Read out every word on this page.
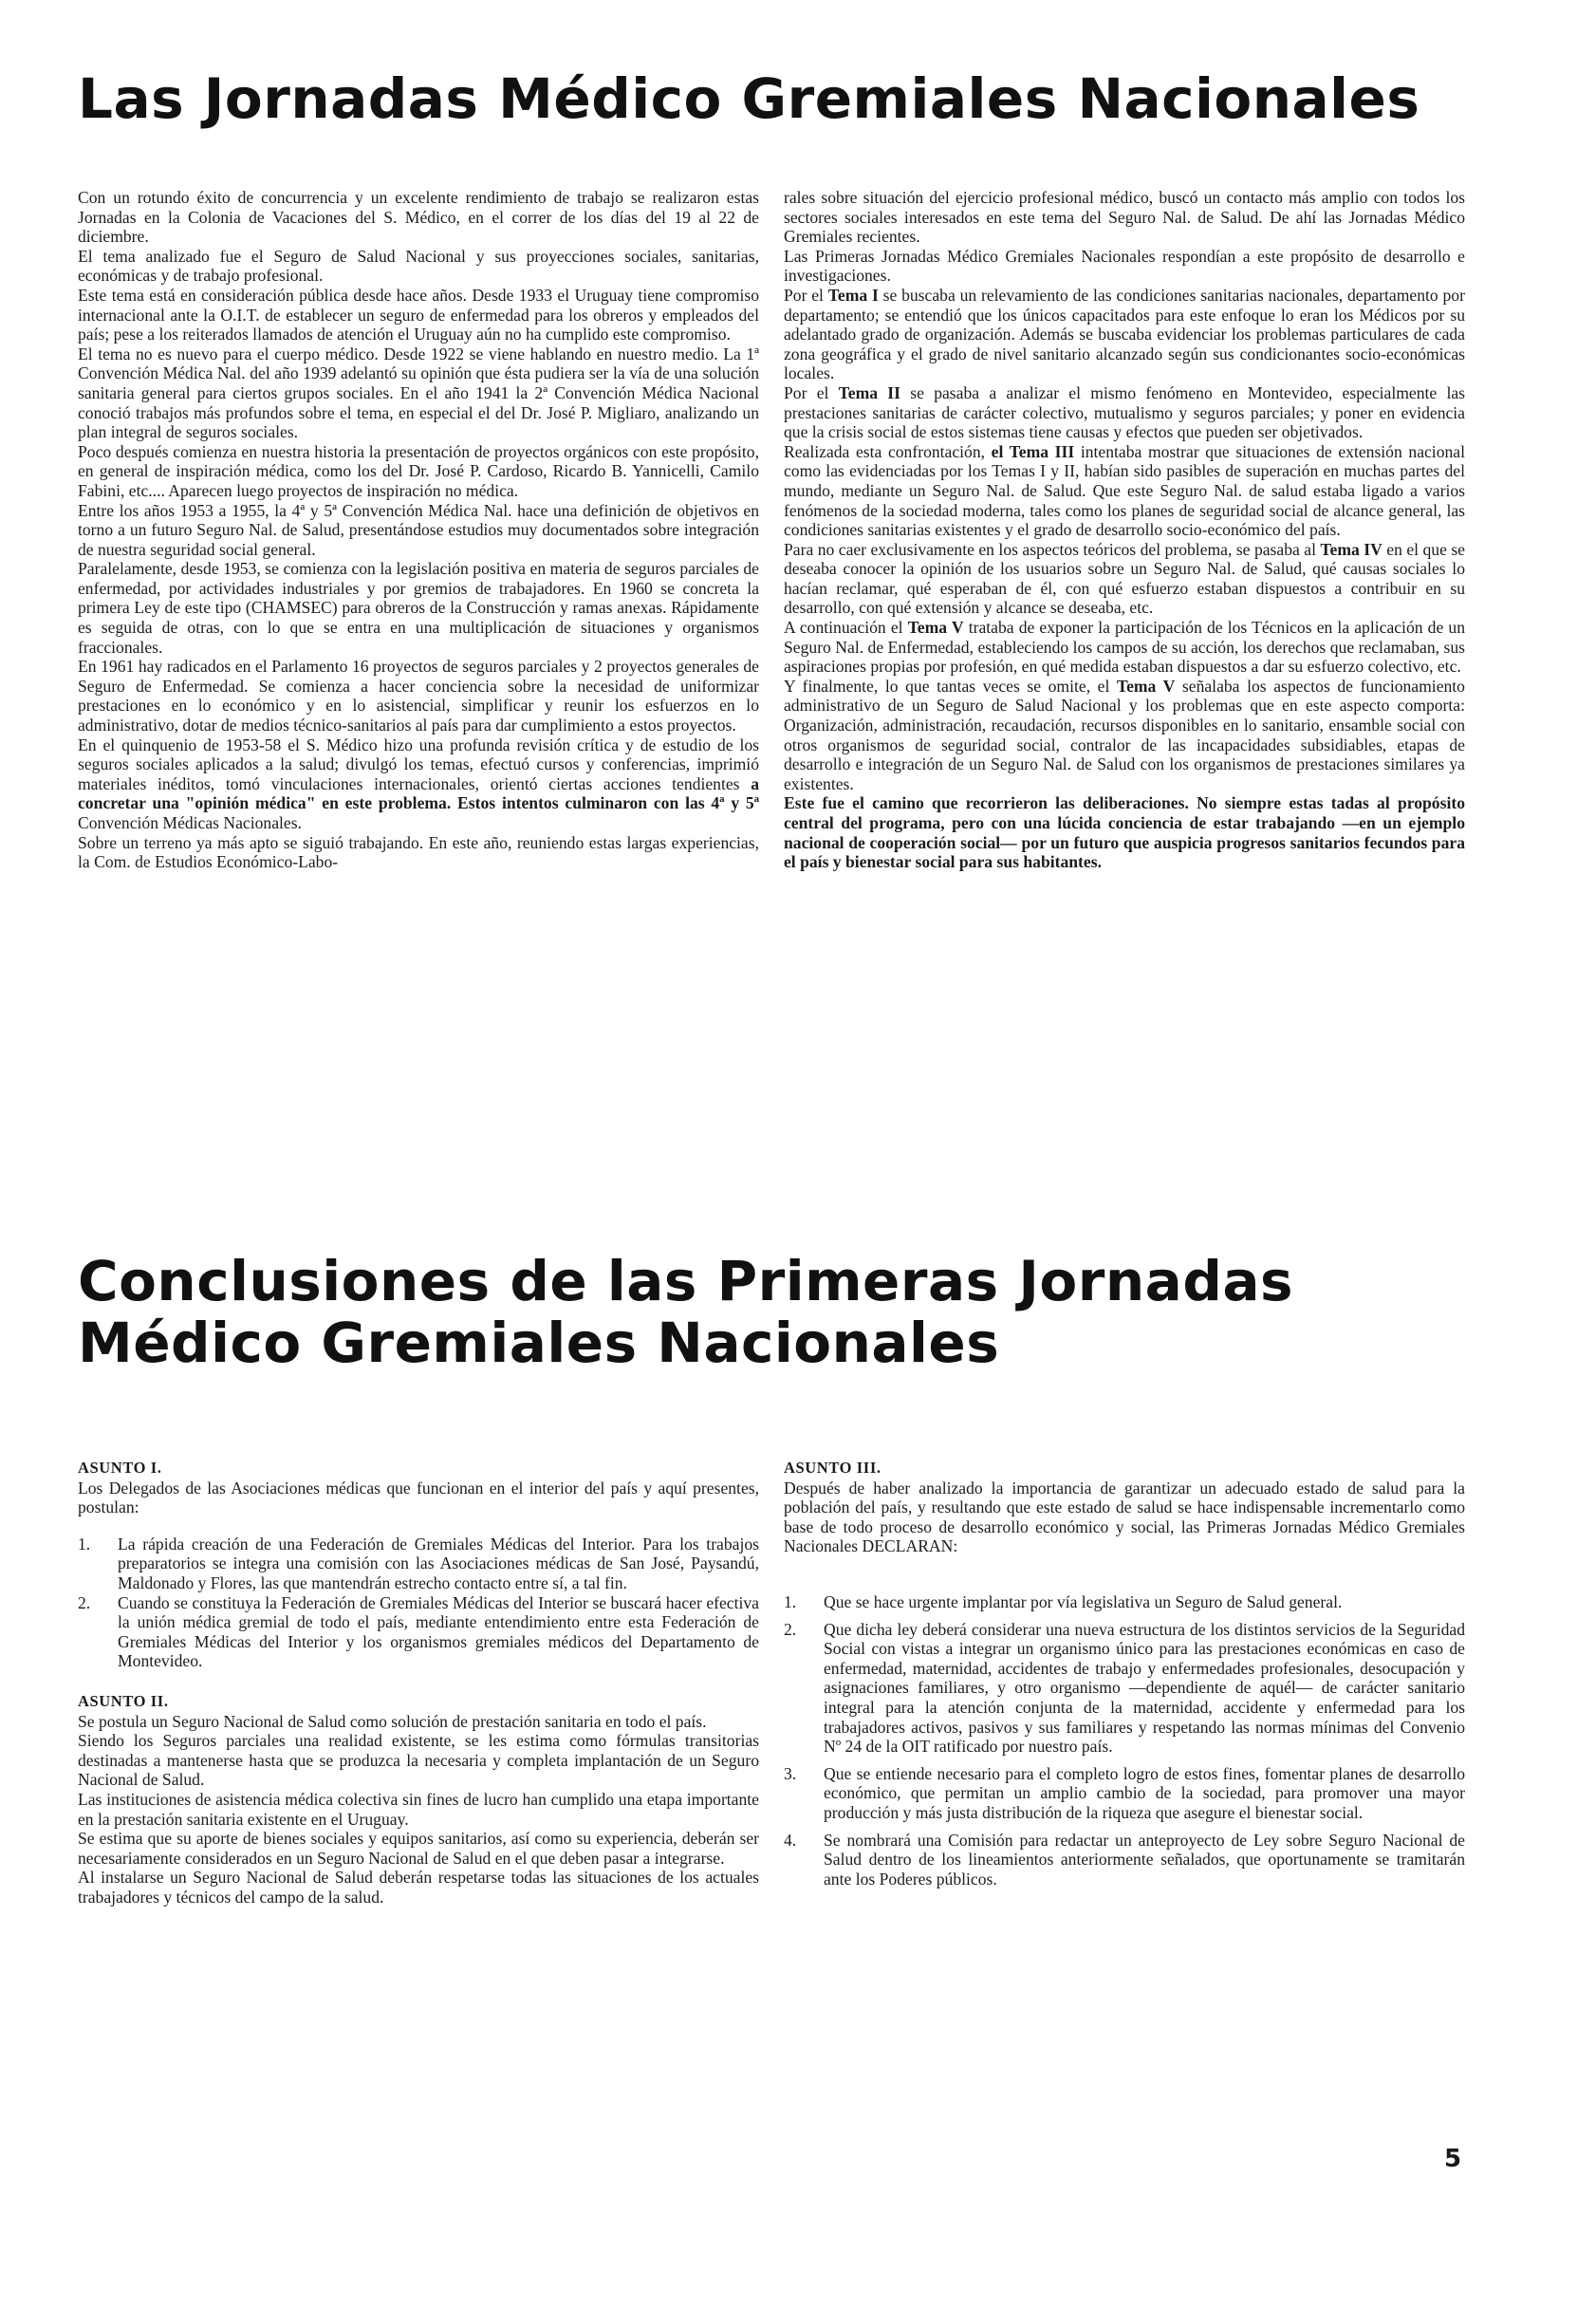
Las Jornadas Médico Gremiales Nacionales

Con un rotundo éxito de concurrencia y un excelente rendimiento de trabajo se realizaron estas Jornadas en la Colonia de Vacaciones del S. Médico, en el correr de los días del 19 al 22 de diciembre.

El tema analizado fue el Seguro de Salud Nacional y sus proyecciones sociales, sanitarias, económicas y de trabajo profesional.

Este tema está en consideración pública desde hace años. Desde 1933 el Uruguay tiene compromiso internacional ante la O.I.T. de establecer un seguro de enfermedad para los obreros y empleados del país; pese a los reiterados llamados de atención el Uruguay aún no ha cumplido este compromiso.

El tema no es nuevo para el cuerpo médico. Desde 1922 se viene hablando en nuestro medio. La 1ª Convención Médica Nal. del año 1939 adelantó su opinión que ésta pudiera ser la vía de una solución sanitaria general para ciertos grupos sociales. En el año 1941 la 2ª Convención Médica Nacional conoció trabajos más profundos sobre el tema, en especial el del Dr. José P. Migliaro, analizando un plan integral de seguros sociales.

Poco después comienza en nuestra historia la presentación de proyectos orgánicos con este propósito, en general de inspiración médica, como los del Dr. José P. Cardoso, Ricardo B. Yannicelli, Camilo Fabini, etc.... Aparecen luego proyectos de inspiración no médica.

Entre los años 1953 a 1955, la 4ª y 5ª Convención Médica Nal. hace una definición de objetivos en torno a un futuro Seguro Nal. de Salud, presentándose estudios muy documentados sobre integración de nuestra seguridad social general.

Paralelamente, desde 1953, se comienza con la legislación positiva en materia de seguros parciales de enfermedad, por actividades industriales y por gremios de trabajadores. En 1960 se concreta la primera Ley de este tipo (CHAMSEC) para obreros de la Construcción y ramas anexas. Rápidamente es seguida de otras, con lo que se entra en una multiplicación de situaciones y organismos fraccionales.

En 1961 hay radicados en el Parlamento 16 proyectos de seguros parciales y 2 proyectos generales de Seguro de Enfermedad. Se comienza a hacer conciencia sobre la necesidad de uniformizar prestaciones en lo económico y en lo asistencial, simplificar y reunir los esfuerzos en lo administrativo, dotar de medios técnico-sanitarios al país para dar cumplimiento a estos proyectos.

En el quinquenio de 1953-58 el S. Médico hizo una profunda revisión crítica y de estudio de los seguros sociales aplicados a la salud; divulgó los temas, efectuó cursos y conferencias, imprimió materiales inéditos, tomó vinculaciones internacionales, orientó ciertas acciones tendientes a concretar una "opinión médica" en este problema. Estos intentos culminaron con las 4ª y 5ª Convención Médicas Nacionales.

Sobre un terreno ya más apto se siguió trabajando. En este año, reuniendo estas largas experiencias, la Com. de Estudios Económico-Labo-

rales sobre situación del ejercicio profesional médico, buscó un contacto más amplio con todos los sectores sociales interesados en este tema del Seguro Nal. de Salud. De ahí las Jornadas Médico Gremiales recientes.

Las Primeras Jornadas Médico Gremiales Nacionales respondían a este propósito de desarrollo e investigaciones.

Por el Tema I se buscaba un relevamiento de las condiciones sanitarias nacionales, departamento por departamento; se entendió que los únicos capacitados para este enfoque lo eran los Médicos por su adelantado grado de organización. Además se buscaba evidenciar los problemas particulares de cada zona geográfica y el grado de nivel sanitario alcanzado según sus condicionantes socio-económicas locales.

Por el Tema II se pasaba a analizar el mismo fenómeno en Montevideo, especialmente las prestaciones sanitarias de carácter colectivo, mutualismo y seguros parciales; y poner en evidencia que la crisis social de estos sistemas tiene causas y efectos que pueden ser objetivados.

Realizada esta confrontación, el Tema III intentaba mostrar que situaciones de extensión nacional como las evidenciadas por los Temas I y II, habían sido pasibles de superación en muchas partes del mundo, mediante un Seguro Nal. de Salud. Que este Seguro Nal. de salud estaba ligado a varios fenómenos de la sociedad moderna, tales como los planes de seguridad social de alcance general, las condiciones sanitarias existentes y el grado de desarrollo socio-económico del país.

Para no caer exclusivamente en los aspectos teóricos del problema, se pasaba al Tema IV en el que se deseaba conocer la opinión de los usuarios sobre un Seguro Nal. de Salud, qué causas sociales lo hacían reclamar, qué esperaban de él, con qué esfuerzo estaban dispuestos a contribuir en su desarrollo, con qué extensión y alcance se deseaba, etc.

A continuación el Tema V trataba de exponer la participación de los Técnicos en la aplicación de un Seguro Nal. de Enfermedad, estableciendo los campos de su acción, los derechos que reclamaban, sus aspiraciones propias por profesión, en qué medida estaban dispuestos a dar su esfuerzo colectivo, etc.

Y finalmente, lo que tantas veces se omite, el Tema V señalaba los aspectos de funcionamiento administrativo de un Seguro de Salud Nacional y los problemas que en este aspecto comporta: Organización, administración, recaudación, recursos disponibles en lo sanitario, ensamble social con otros organismos de seguridad social, contralor de las incapacidades subsidiables, etapas de desarrollo e integración de un Seguro Nal. de Salud con los organismos de prestaciones similares ya existentes.

Este fue el camino que recorrieron las deliberaciones. No siempre estas tadas al propósito central del programa, pero con una lúcida conciencia de estar trabajando —en un ejemplo nacional de cooperación social— por un futuro que auspicia progresos sanitarios fecundos para el país y bienestar social para sus habitantes.

Conclusiones de las Primeras Jornadas
Médico Gremiales Nacionales

ASUNTO I.

Los Delegados de las Asociaciones médicas que funcionan en el interior del país y aquí presentes, postulan:

1. La rápida creación de una Federación de Gremiales Médicas del Interior. Para los trabajos preparatorios se integra una comisión con las Asociaciones médicas de San José, Paysandú, Maldonado y Flores, las que mantendrán estrecho contacto entre sí, a tal fin.

2. Cuando se constituya la Federación de Gremiales Médicas del Interior se buscará hacer efectiva la unión médica gremial de todo el país, mediante entendimiento entre esta Federación de Gremiales Médicas del Interior y los organismos gremiales médicos del Departamento de Montevideo.

ASUNTO II.

Se postula un Seguro Nacional de Salud como solución de prestación sanitaria en todo el país.

Siendo los Seguros parciales una realidad existente, se les estima como fórmulas transitorias destinadas a mantenerse hasta que se produzca la necesaria y completa implantación de un Seguro Nacional de Salud.

Las instituciones de asistencia médica colectiva sin fines de lucro han cumplido una etapa importante en la prestación sanitaria existente en el Uruguay.

Se estima que su aporte de bienes sociales y equipos sanitarios, así como su experiencia, deberán ser necesariamente considerados en un Seguro Nacional de Salud en el que deben pasar a integrarse.

Al instalarse un Seguro Nacional de Salud deberán respetarse todas las situaciones de los actuales trabajadores y técnicos del campo de la salud.

ASUNTO III.

Después de haber analizado la importancia de garantizar un adecuado estado de salud para la población del país, y resultando que este estado de salud se hace indispensable incrementarlo como base de todo proceso de desarrollo económico y social, las Primeras Jornadas Médico Gremiales Nacionales DECLARAN:

1. Que se hace urgente implantar por vía legislativa un Seguro de Salud general.

2. Que dicha ley deberá considerar una nueva estructura de los distintos servicios de la Seguridad Social con vistas a integrar un organismo único para las prestaciones económicas en caso de enfermedad, maternidad, accidentes de trabajo y enfermedades profesionales, desocupación y asignaciones familiares, y otro organismo —dependiente de aquél— de carácter sanitario integral para la atención conjunta de la maternidad, accidente y enfermedad para los trabajadores activos, pasivos y sus familiares y respetando las normas mínimas del Convenio Nº 24 de la OIT ratificado por nuestro país.

3. Que se entiende necesario para el completo logro de estos fines, fomentar planes de desarrollo económico, que permitan un amplio cambio de la sociedad, para promover una mayor producción y más justa distribución de la riqueza que asegure el bienestar social.

4. Se nombrará una Comisión para redactar un anteproyecto de Ley sobre Seguro Nacional de Salud dentro de los lineamientos anteriormente señalados, que oportunamente se tramitarán ante los Poderes públicos.

5
